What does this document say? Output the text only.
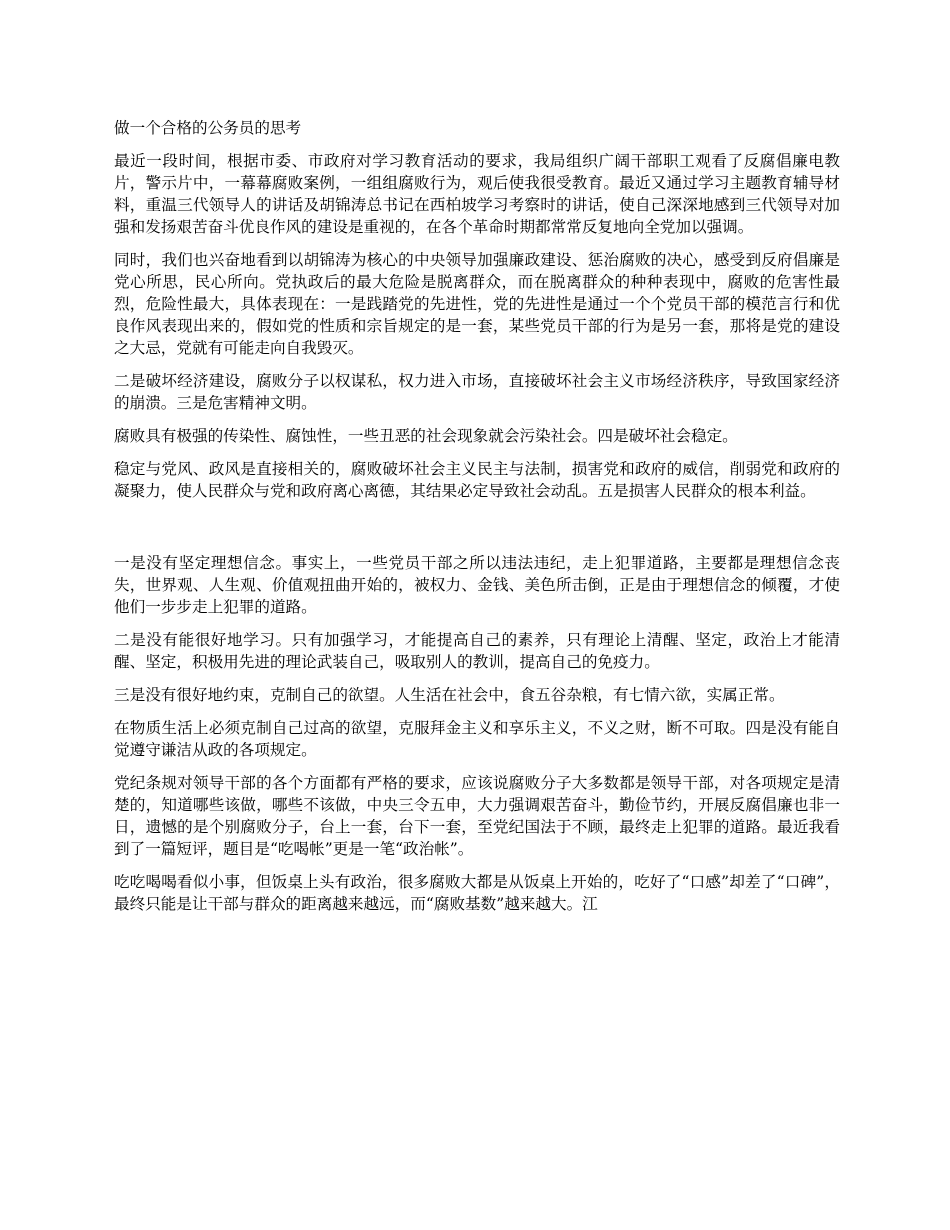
做一个合格的公务员的思考

最近一段时间，根据市委、市政府对学习教育活动的要求，我局组织广阔干部职工观看了反腐倡廉电教片，警示片中，一幕幕腐败案例，一组组腐败行为，观后使我很受教育。最近又通过学习主题教育辅导材料，重温三代领导人的讲话及胡锦涛总书记在西柏坡学习考察时的讲话，使自己深深地感到三代领导对加强和发扬艰苦奋斗优良作风的建设是重视的，在各个革命时期都常常反复地向全党加以强调。

同时，我们也兴奋地看到以胡锦涛为核心的中央领导加强廉政建设、惩治腐败的决心，感受到反府倡廉是党心所思，民心所向。党执政后的最大危险是脱离群众，而在脱离群众的种种表现中，腐败的危害性最烈，危险性最大，具体表现在：一是践踏党的先进性，党的先进性是通过一个个党员干部的模范言行和优良作风表现出来的，假如党的性质和宗旨规定的是一套，某些党员干部的行为是另一套，那将是党的建设之大忌，党就有可能走向自我毁灭。

二是破坏经济建设，腐败分子以权谋私，权力进入市场，直接破坏社会主义市场经济秩序，导致国家经济的崩溃。三是危害精神文明。

腐败具有极强的传染性、腐蚀性，一些丑恶的社会现象就会污染社会。四是破坏社会稳定。

稳定与党风、政风是直接相关的，腐败破坏社会主义民主与法制，损害党和政府的威信，削弱党和政府的凝聚力，使人民群众与党和政府离心离德，其结果必定导致社会动乱。五是损害人民群众的根本利益。

一是没有坚定理想信念。事实上，一些党员干部之所以违法违纪，走上犯罪道路，主要都是理想信念丧失，世界观、人生观、价值观扭曲开始的，被权力、金钱、美色所击倒，正是由于理想信念的倾覆，才使他们一步步走上犯罪的道路。

二是没有能很好地学习。只有加强学习，才能提高自己的素养，只有理论上清醒、坚定，政治上才能清醒、坚定，积极用先进的理论武装自己，吸取别人的教训，提高自己的免疫力。

三是没有很好地约束，克制自己的欲望。人生活在社会中，食五谷杂粮，有七情六欲，实属正常。

在物质生活上必须克制自己过高的欲望，克服拜金主义和享乐主义，不义之财，断不可取。四是没有能自觉遵守谦洁从政的各项规定。

党纪条规对领导干部的各个方面都有严格的要求，应该说腐败分子大多数都是领导干部，对各项规定是清楚的，知道哪些该做，哪些不该做，中央三令五申，大力强调艰苦奋斗，勤俭节约，开展反腐倡廉也非一日，遗憾的是个别腐败分子，台上一套，台下一套，至党纪国法于不顾，最终走上犯罪的道路。最近我看到了一篇短评，题目是“吃喝帐”更是一笔“政治帐”。

吃吃喝喝看似小事，但饭桌上头有政治，很多腐败大都是从饭桌上开始的，吃好了“口感”却差了“口碑”，最终只能是让干部与群众的距离越来越远，而“腐败基数”越来越大。江
